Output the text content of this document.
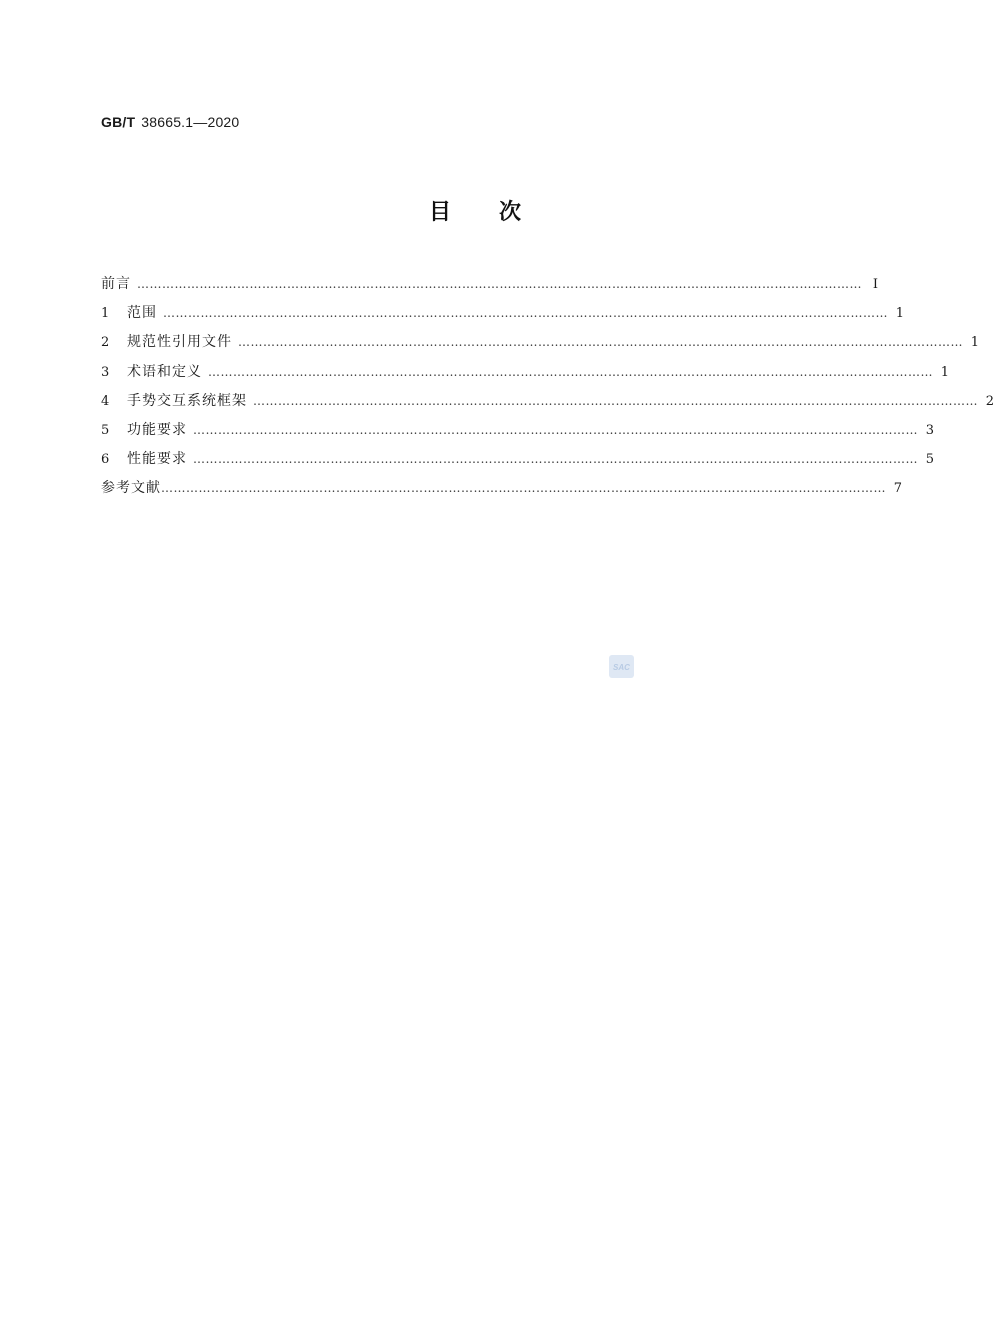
GB/T 38665.1—2020
目次
前言 ………………………………………………………………………………………………………………………………………………………… Ⅰ
1	范围 ………………………………………………………………………………………………………………………………………………………… 1
2	规范性引用文件 ………………………………………………………………………………………………………………………………………………………… 1
3	术语和定义 ………………………………………………………………………………………………………………………………………………………… 1
4	手势交互系统框架 ………………………………………………………………………………………………………………………………………………………… 2
5	功能要求 ………………………………………………………………………………………………………………………………………………………… 3
6	性能要求 ………………………………………………………………………………………………………………………………………………………… 5
参考文献 ………………………………………………………………………………………………………………………………………………………… 7
SAC
